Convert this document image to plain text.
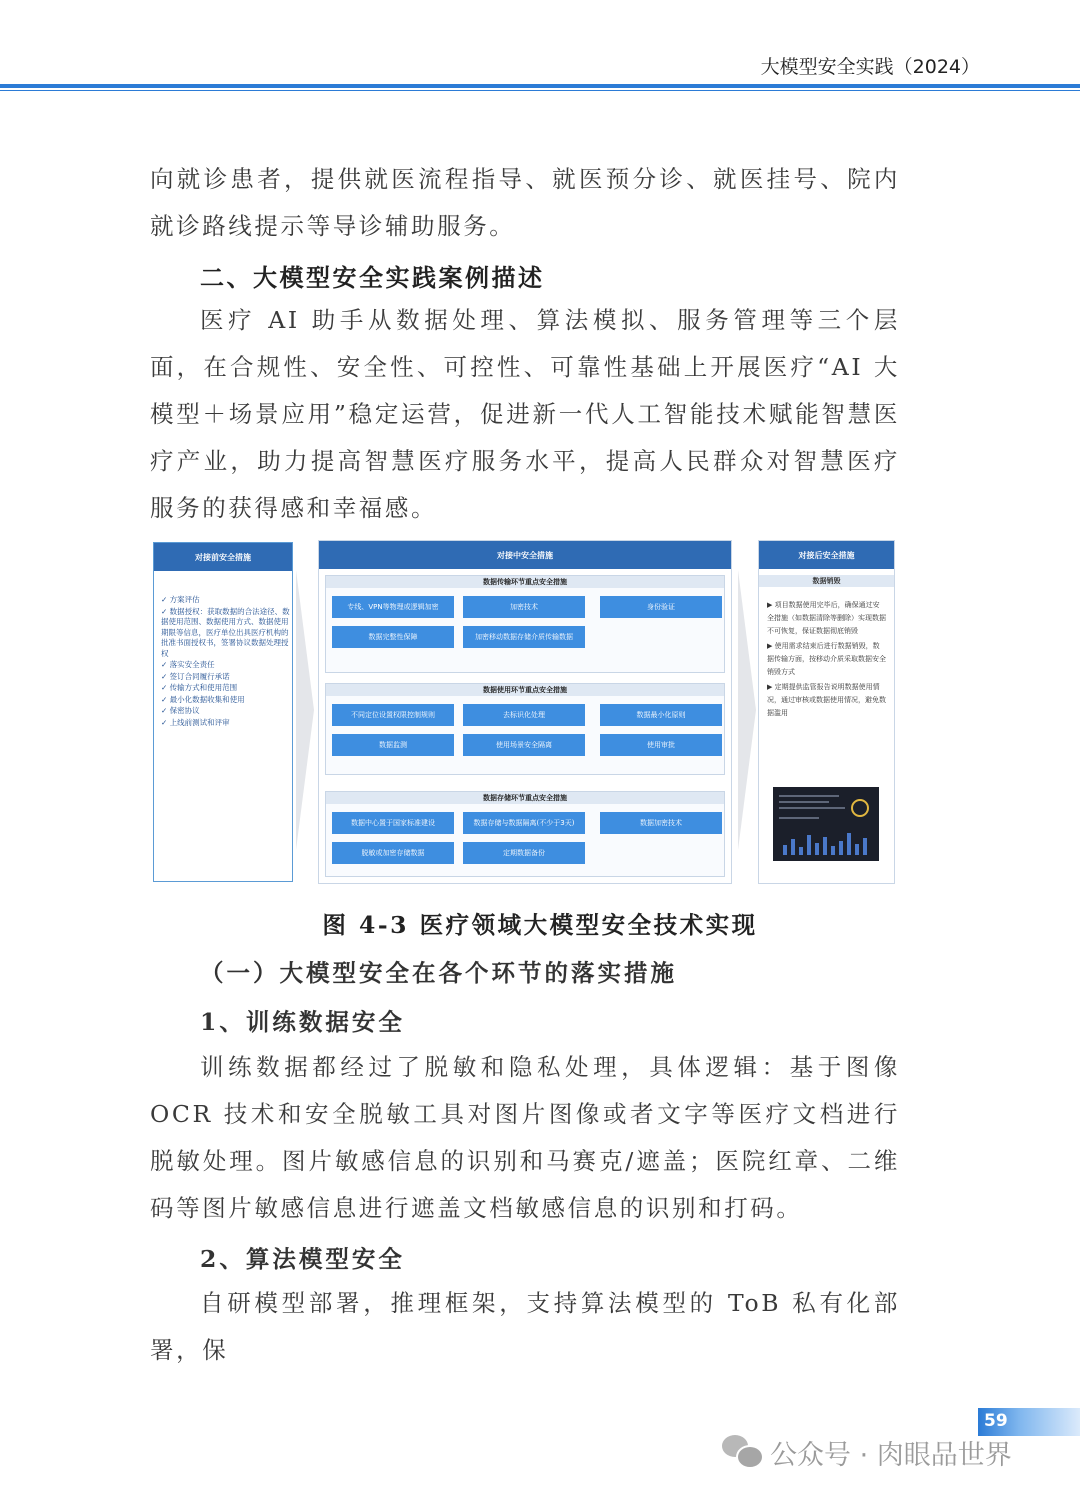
大模型安全实践（2024）

向就诊患者，提供就医流程指导、就医预分诊、就医挂号、院内就诊路线提示等导诊辅助服务。

二、大模型安全实践案例描述

医疗 AI 助手从数据处理、算法模拟、服务管理等三个层面，在合规性、安全性、可控性、可靠性基础上开展医疗“AI 大模型＋场景应用”稳定运营，促进新一代人工智能技术赋能智慧医疗产业，助力提高智慧医疗服务水平，提高人民群众对智慧医疗服务的获得感和幸福感。

对接前安全措施
✓ 方案评估
✓ 数据授权：获取数据的合法途径、数据使用范围、数据使用方式、数据使用期限等信息，医疗单位出具医疗机构的批准书面授权书，签署协议数据处理授权
✓ 落实安全责任
✓ 签订合同履行承诺
✓ 传输方式和使用范围
✓ 最小化数据收集和使用
✓ 保密协议
✓ 上线前测试和评审
对接中安全措施
数据传输环节重点安全措施
专线、VPN等物理或逻辑加密	加密技术	身份验证
数据完整性保障	加密移动数据存储介质传输数据
数据使用环节重点安全措施
不同定位设置权限控制规则	去标识化处理	数据最小化原则
数据监测	使用场景安全隔离	使用审批
数据存储环节重点安全措施
数据中心置于国家标准建设	数据存储与数据隔离(不少于3天)	数据加密技术
脱敏或加密存储数据	定期数据备份
对接后安全措施
数据销毁
▶ 项目数据使用完毕后，确保通过安全措施（如数据清除等删除）实现数据不可恢复，保证数据彻底销毁
▶ 使用需求结束后进行数据销毁，数据传输方面，按移动介质采取数据安全销毁方式
▶ 定期提供监管报告说明数据使用情况，通过审核或数据使用情况，避免数据滥用

图 4-3 医疗领域大模型安全技术实现

（一）大模型安全在各个环节的落实措施
1、训练数据安全

训练数据都经过了脱敏和隐私处理，具体逻辑：基于图像 OCR 技术和安全脱敏工具对图片图像或者文字等医疗文档进行脱敏处理。图片敏感信息的识别和马赛克/遮盖；医院红章、二维码等图片敏感信息进行遮盖文档敏感信息的识别和打码。

2、算法模型安全

自研模型部署，推理框架，支持算法模型的 ToB 私有化部署，保

59
公众号 · 肉眼品世界
